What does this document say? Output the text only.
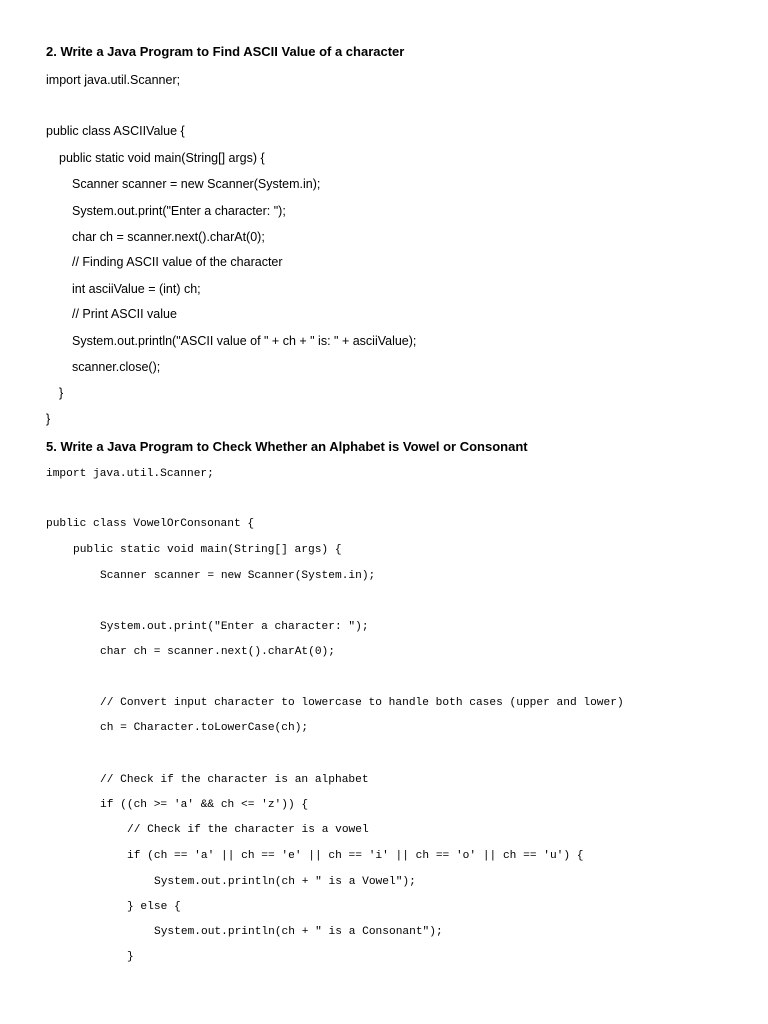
2. Write a Java Program to Find ASCII Value of a character
import java.util.Scanner;
public class ASCIIValue {
public static void main(String[] args) {
Scanner scanner = new Scanner(System.in);
System.out.print("Enter a character: ");
char ch = scanner.next().charAt(0);
// Finding ASCII value of the character
int asciiValue = (int) ch;
// Print ASCII value
System.out.println("ASCII value of " + ch + " is: " + asciiValue);
scanner.close();
}
}
5. Write a Java Program to Check Whether an Alphabet is Vowel or Consonant
import java.util.Scanner;
public class VowelOrConsonant {
public static void main(String[] args) {
Scanner scanner = new Scanner(System.in);
System.out.print("Enter a character: ");
char ch = scanner.next().charAt(0);
// Convert input character to lowercase to handle both cases (upper and lower)
ch = Character.toLowerCase(ch);
// Check if the character is an alphabet
if ((ch >= 'a' && ch <= 'z')) {
// Check if the character is a vowel
if (ch == 'a' || ch == 'e' || ch == 'i' || ch == 'o' || ch == 'u') {
System.out.println(ch + " is a Vowel");
} else {
System.out.println(ch + " is a Consonant");
}
